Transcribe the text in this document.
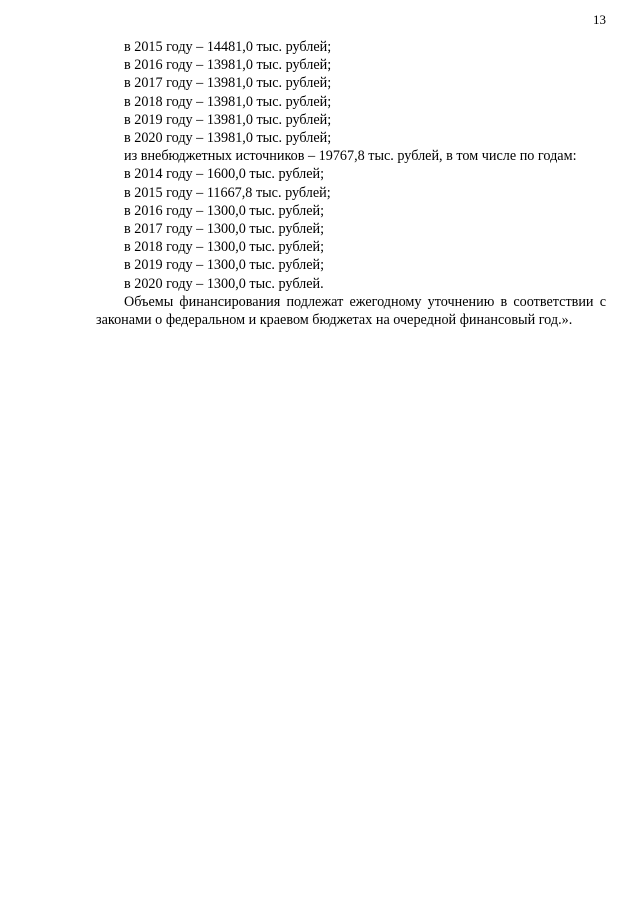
13
в 2015 году – 14481,0 тыс. рублей;
в 2016 году – 13981,0 тыс. рублей;
в 2017 году – 13981,0 тыс. рублей;
в 2018 году – 13981,0 тыс. рублей;
в 2019 году – 13981,0 тыс. рублей;
в 2020 году – 13981,0 тыс. рублей;
из внебюджетных источников – 19767,8 тыс. рублей, в том числе по годам:
в 2014 году – 1600,0 тыс. рублей;
в 2015 году – 11667,8 тыс. рублей;
в 2016 году – 1300,0 тыс. рублей;
в 2017 году – 1300,0 тыс. рублей;
в 2018 году – 1300,0 тыс. рублей;
в 2019 году – 1300,0 тыс. рублей;
в 2020 году – 1300,0 тыс. рублей.
Объемы финансирования подлежат ежегодному уточнению в соответствии с законами о федеральном и краевом бюджетах на очередной финансовый год.».
